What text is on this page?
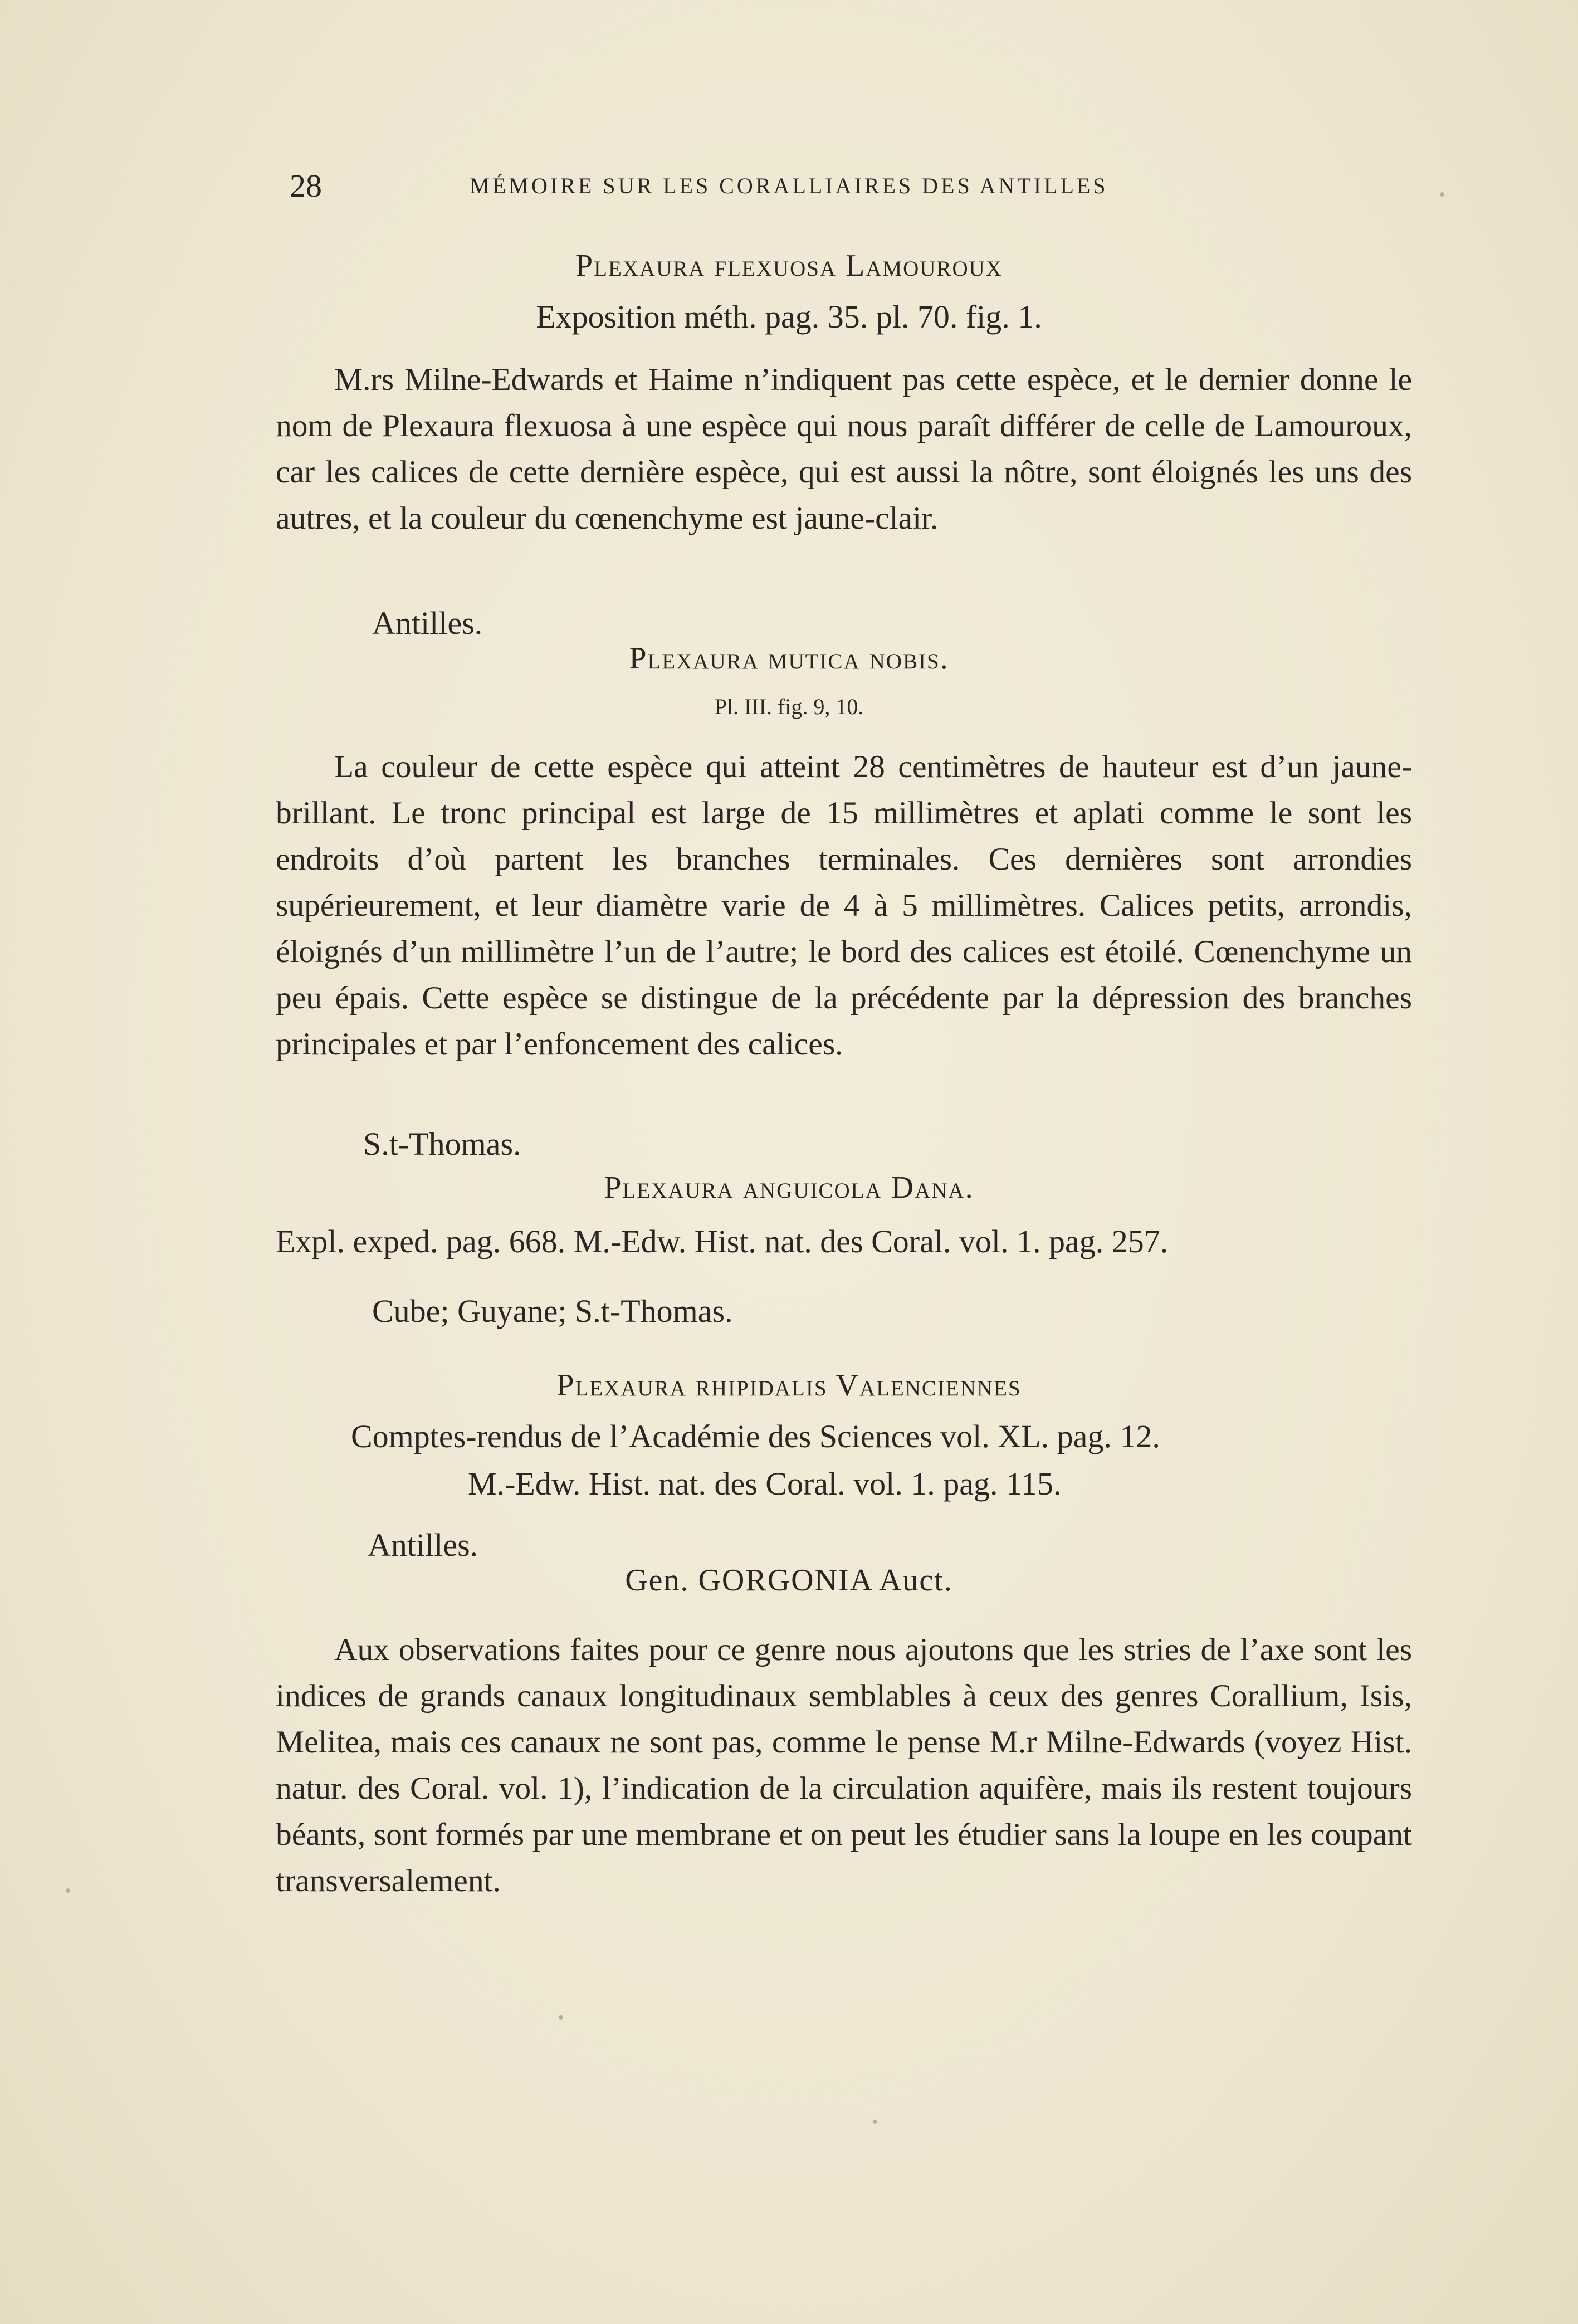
28	MÉMOIRE SUR LES CORALLIAIRES DES ANTILLES
Plexaura flexuosa Lamouroux
Exposition méth. pag. 35. pl. 70. fig. 1.
M.rs Milne-Edwards et Haime n’indiquent pas cette espèce, et le dernier donne le nom de Plexaura flexuosa à une espèce qui nous paraît différer de celle de Lamouroux, car les calices de cette dernière espèce, qui est aussi la nôtre, sont éloignés les uns des autres, et la couleur du cœnenchyme est jaune-clair.
Antilles.
Plexaura mutica nobis.
Pl. III. fig. 9, 10.
La couleur de cette espèce qui atteint 28 centimètres de hauteur est d’un jaune-brillant. Le tronc principal est large de 15 millimètres et aplati comme le sont les endroits d’où partent les branches terminales. Ces dernières sont arrondies supérieurement, et leur diamètre varie de 4 à 5 millimètres. Calices petits, arrondis, éloignés d’un millimètre l’un de l’autre; le bord des calices est étoilé. Cœnenchyme un peu épais. Cette espèce se distingue de la précédente par la dépression des branches principales et par l’enfoncement des calices.
S.t-Thomas.
Plexaura anguicola Dana.
Expl. exped. pag. 668. M.-Edw. Hist. nat. des Coral. vol. 1. pag. 257.
Cube; Guyane; S.t-Thomas.
Plexaura rhipidalis Valenciennes
Comptes-rendus de l’Académie des Sciences vol. XL. pag. 12.
M.-Edw. Hist. nat. des Coral. vol. 1. pag. 115.
Antilles.
Gen. GORGONIA Auct.
Aux observations faites pour ce genre nous ajoutons que les stries de l’axe sont les indices de grands canaux longitudinaux semblables à ceux des genres Corallium, Isis, Melitea, mais ces canaux ne sont pas, comme le pense M.r Milne-Edwards (voyez Hist. natur. des Coral. vol. 1), l’indication de la circulation aquifère, mais ils restent toujours béants, sont formés par une membrane et on peut les étudier sans la loupe en les coupant transversalement.
